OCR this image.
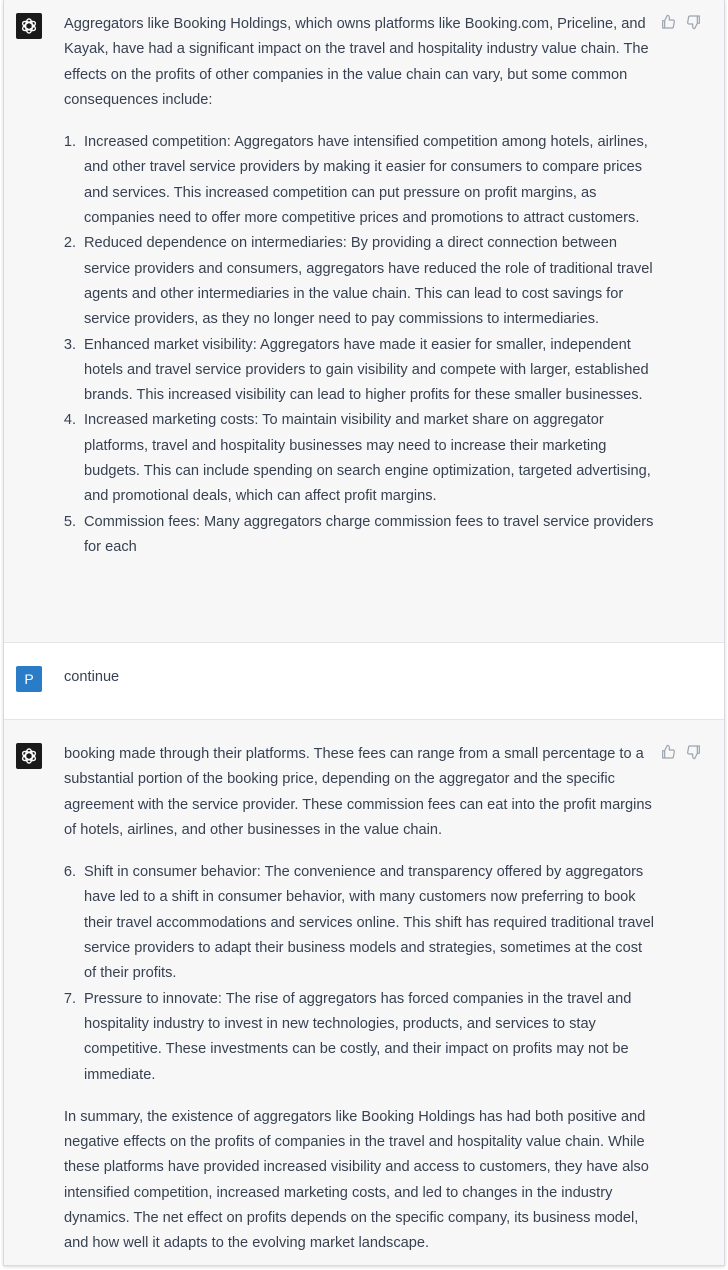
Aggregators like Booking Holdings, which owns platforms like Booking.com, Priceline, and Kayak, have had a significant impact on the travel and hospitality industry value chain. The effects on the profits of other companies in the value chain can vary, but some common consequences include:

1. Increased competition: Aggregators have intensified competition among hotels, airlines, and other travel service providers by making it easier for consumers to compare prices and services. This increased competition can put pressure on profit margins, as companies need to offer more competitive prices and promotions to attract customers.
2. Reduced dependence on intermediaries: By providing a direct connection between service providers and consumers, aggregators have reduced the role of traditional travel agents and other intermediaries in the value chain. This can lead to cost savings for service providers, as they no longer need to pay commissions to intermediaries.
3. Enhanced market visibility: Aggregators have made it easier for smaller, independent hotels and travel service providers to gain visibility and compete with larger, established brands. This increased visibility can lead to higher profits for these smaller businesses.
4. Increased marketing costs: To maintain visibility and market share on aggregator platforms, travel and hospitality businesses may need to increase their marketing budgets. This can include spending on search engine optimization, targeted advertising, and promotional deals, which can affect profit margins.
5. Commission fees: Many aggregators charge commission fees to travel service providers for each
P	continue

booking made through their platforms. These fees can range from a small percentage to a substantial portion of the booking price, depending on the aggregator and the specific agreement with the service provider. These commission fees can eat into the profit margins of hotels, airlines, and other businesses in the value chain.

6. Shift in consumer behavior: The convenience and transparency offered by aggregators have led to a shift in consumer behavior, with many customers now preferring to book their travel accommodations and services online. This shift has required traditional travel service providers to adapt their business models and strategies, sometimes at the cost of their profits.
7. Pressure to innovate: The rise of aggregators has forced companies in the travel and hospitality industry to invest in new technologies, products, and services to stay competitive. These investments can be costly, and their impact on profits may not be immediate.

In summary, the existence of aggregators like Booking Holdings has had both positive and negative effects on the profits of companies in the travel and hospitality value chain. While these platforms have provided increased visibility and access to customers, they have also intensified competition, increased marketing costs, and led to changes in the industry dynamics. The net effect on profits depends on the specific company, its business model, and how well it adapts to the evolving market landscape.
